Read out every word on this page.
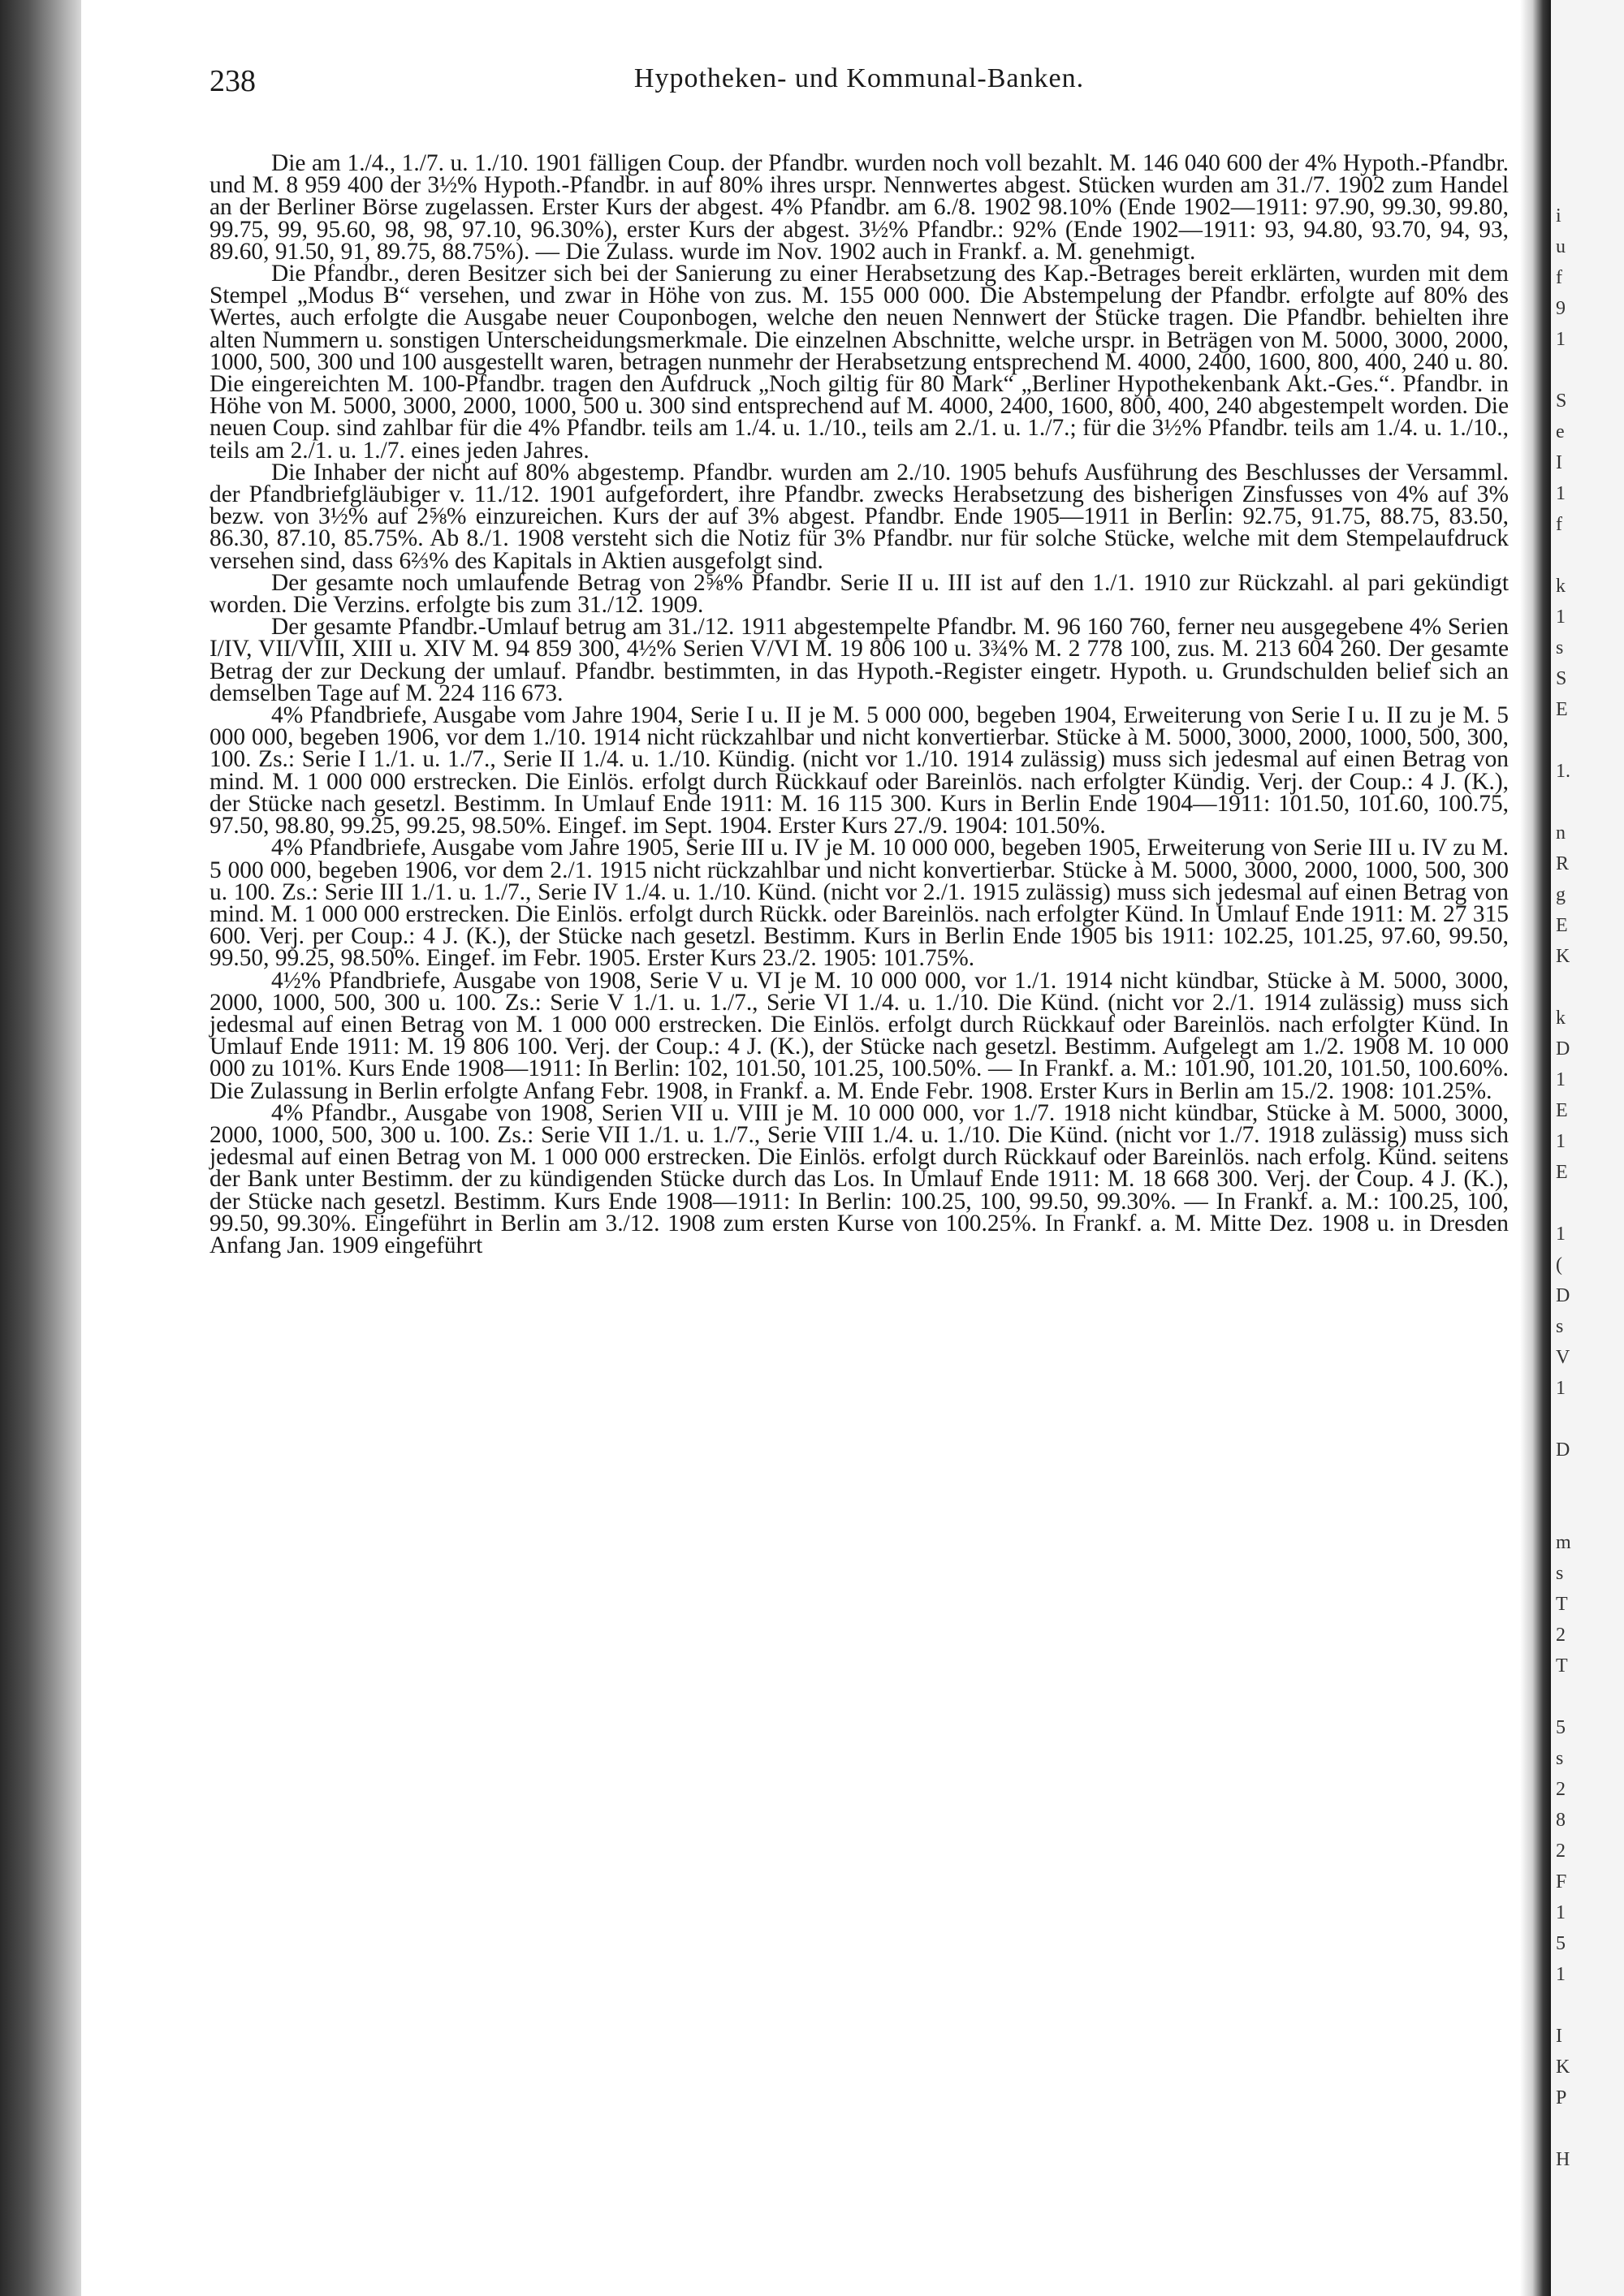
238	Hypotheken- und Kommunal-Banken.

Die am 1./4., 1./7. u. 1./10. 1901 fälligen Coup. der Pfandbr. wurden noch voll bezahlt. M. 146 040 600 der 4% Hypoth.-Pfandbr. und M. 8 959 400 der 3½% Hypoth.-Pfandbr. in auf 80% ihres urspr. Nennwertes abgest. Stücken wurden am 31./7. 1902 zum Handel an der Berliner Börse zugelassen. Erster Kurs der abgest. 4% Pfandbr. am 6./8. 1902 98.10% (Ende 1902—1911: 97.90, 99.30, 99.80, 99.75, 99, 95.60, 98, 98, 97.10, 96.30%), erster Kurs der abgest. 3½% Pfandbr.: 92% (Ende 1902—1911: 93, 94.80, 93.70, 94, 93, 89.60, 91.50, 91, 89.75, 88.75%). — Die Zulass. wurde im Nov. 1902 auch in Frankf. a. M. genehmigt.

Die Pfandbr., deren Besitzer sich bei der Sanierung zu einer Herabsetzung des Kap.-Betrages bereit erklärten, wurden mit dem Stempel „Modus B“ versehen, und zwar in Höhe von zus. M. 155 000 000. Die Abstempelung der Pfandbr. erfolgte auf 80% des Wertes, auch erfolgte die Ausgabe neuer Couponbogen, welche den neuen Nennwert der Stücke tragen. Die Pfandbr. behielten ihre alten Nummern u. sonstigen Unterscheidungsmerkmale. Die einzelnen Abschnitte, welche urspr. in Beträgen von M. 5000, 3000, 2000, 1000, 500, 300 und 100 ausgestellt waren, betragen nunmehr der Herabsetzung entsprechend M. 4000, 2400, 1600, 800, 400, 240 u. 80. Die eingereichten M. 100-Pfandbr. tragen den Aufdruck „Noch giltig für 80 Mark“ „Berliner Hypothekenbank Akt.-Ges.“. Pfandbr. in Höhe von M. 5000, 3000, 2000, 1000, 500 u. 300 sind entsprechend auf M. 4000, 2400, 1600, 800, 400, 240 abgestempelt worden. Die neuen Coup. sind zahlbar für die 4% Pfandbr. teils am 1./4. u. 1./10., teils am 2./1. u. 1./7.; für die 3½% Pfandbr. teils am 1./4. u. 1./10., teils am 2./1. u. 1./7. eines jeden Jahres.

Die Inhaber der nicht auf 80% abgestemp. Pfandbr. wurden am 2./10. 1905 behufs Ausführung des Beschlusses der Versamml. der Pfandbriefgläubiger v. 11./12. 1901 aufgefordert, ihre Pfandbr. zwecks Herabsetzung des bisherigen Zinsfusses von 4% auf 3% bezw. von 3½% auf 2⅝% einzureichen. Kurs der auf 3% abgest. Pfandbr. Ende 1905—1911 in Berlin: 92.75, 91.75, 88.75, 83.50, 86.30, 87.10, 85.75%. Ab 8./1. 1908 versteht sich die Notiz für 3% Pfandbr. nur für solche Stücke, welche mit dem Stempelaufdruck versehen sind, dass 6⅔% des Kapitals in Aktien ausgefolgt sind.

Der gesamte noch umlaufende Betrag von 2⅝% Pfandbr. Serie II u. III ist auf den 1./1. 1910 zur Rückzahl. al pari gekündigt worden. Die Verzins. erfolgte bis zum 31./12. 1909.

Der gesamte Pfandbr.-Umlauf betrug am 31./12. 1911 abgestempelte Pfandbr. M. 96 160 760, ferner neu ausgegebene 4% Serien I/IV, VII/VIII, XIII u. XIV M. 94 859 300, 4½% Serien V/VI M. 19 806 100 u. 3¾% M. 2 778 100, zus. M. 213 604 260. Der gesamte Betrag der zur Deckung der umlauf. Pfandbr. bestimmten, in das Hypoth.-Register eingetr. Hypoth. u. Grundschulden belief sich an demselben Tage auf M. 224 116 673.

4% Pfandbriefe, Ausgabe vom Jahre 1904, Serie I u. II je M. 5 000 000, begeben 1904, Erweiterung von Serie I u. II zu je M. 5 000 000, begeben 1906, vor dem 1./10. 1914 nicht rückzahlbar und nicht konvertierbar. Stücke à M. 5000, 3000, 2000, 1000, 500, 300, 100. Zs.: Serie I 1./1. u. 1./7., Serie II 1./4. u. 1./10. Kündig. (nicht vor 1./10. 1914 zulässig) muss sich jedesmal auf einen Betrag von mind. M. 1 000 000 erstrecken. Die Einlös. erfolgt durch Rückkauf oder Bareinlös. nach erfolgter Kündig. Verj. der Coup.: 4 J. (K.), der Stücke nach gesetzl. Bestimm. In Umlauf Ende 1911: M. 16 115 300. Kurs in Berlin Ende 1904—1911: 101.50, 101.60, 100.75, 97.50, 98.80, 99.25, 99.25, 98.50%. Eingef. im Sept. 1904. Erster Kurs 27./9. 1904: 101.50%.

4% Pfandbriefe, Ausgabe vom Jahre 1905, Serie III u. IV je M. 10 000 000, begeben 1905, Erweiterung von Serie III u. IV zu M. 5 000 000, begeben 1906, vor dem 2./1. 1915 nicht rückzahlbar und nicht konvertierbar. Stücke à M. 5000, 3000, 2000, 1000, 500, 300 u. 100. Zs.: Serie III 1./1. u. 1./7., Serie IV 1./4. u. 1./10. Künd. (nicht vor 2./1. 1915 zulässig) muss sich jedesmal auf einen Betrag von mind. M. 1 000 000 erstrecken. Die Einlös. erfolgt durch Rückk. oder Bareinlös. nach erfolgter Künd. In Umlauf Ende 1911: M. 27 315 600. Verj. per Coup.: 4 J. (K.), der Stücke nach gesetzl. Bestimm. Kurs in Berlin Ende 1905 bis 1911: 102.25, 101.25, 97.60, 99.50, 99.50, 99.25, 98.50%. Eingef. im Febr. 1905. Erster Kurs 23./2. 1905: 101.75%.

4½% Pfandbriefe, Ausgabe von 1908, Serie V u. VI je M. 10 000 000, vor 1./1. 1914 nicht kündbar, Stücke à M. 5000, 3000, 2000, 1000, 500, 300 u. 100. Zs.: Serie V 1./1. u. 1./7., Serie VI 1./4. u. 1./10. Die Künd. (nicht vor 2./1. 1914 zulässig) muss sich jedesmal auf einen Betrag von M. 1 000 000 erstrecken. Die Einlös. erfolgt durch Rückkauf oder Bareinlös. nach erfolgter Künd. In Umlauf Ende 1911: M. 19 806 100. Verj. der Coup.: 4 J. (K.), der Stücke nach gesetzl. Bestimm. Aufgelegt am 1./2. 1908 M. 10 000 000 zu 101%. Kurs Ende 1908—1911: In Berlin: 102, 101.50, 101.25, 100.50%. — In Frankf. a. M.: 101.90, 101.20, 101.50, 100.60%. Die Zulassung in Berlin erfolgte Anfang Febr. 1908, in Frankf. a. M. Ende Febr. 1908. Erster Kurs in Berlin am 15./2. 1908: 101.25%.

4% Pfandbr., Ausgabe von 1908, Serien VII u. VIII je M. 10 000 000, vor 1./7. 1918 nicht kündbar, Stücke à M. 5000, 3000, 2000, 1000, 500, 300 u. 100. Zs.: Serie VII 1./1. u. 1./7., Serie VIII 1./4. u. 1./10. Die Künd. (nicht vor 1./7. 1918 zulässig) muss sich jedesmal auf einen Betrag von M. 1 000 000 erstrecken. Die Einlös. erfolgt durch Rückkauf oder Bareinlös. nach erfolg. Künd. seitens der Bank unter Bestimm. der zu kündigenden Stücke durch das Los. In Umlauf Ende 1911: M. 18 668 300. Verj. der Coup. 4 J. (K.), der Stücke nach gesetzl. Bestimm. Kurs Ende 1908—1911: In Berlin: 100.25, 100, 99.50, 99.30%. — In Frankf. a. M.: 100.25, 100, 99.50, 99.30%. Eingeführt in Berlin am 3./12. 1908 zum ersten Kurse von 100.25%. In Frankf. a. M. Mitte Dez. 1908 u. in Dresden Anfang Jan. 1909 eingeführt

i
u
f
9
1
S
e
I
1
f
k
1
s
S
E
1.
n
R
g
E
K
k
D
1
E
1
E
1
(
D
s
V
1
D
m
s
T
2
T
5
s
2
8
2
F
1
5
1
I
K
P
H
